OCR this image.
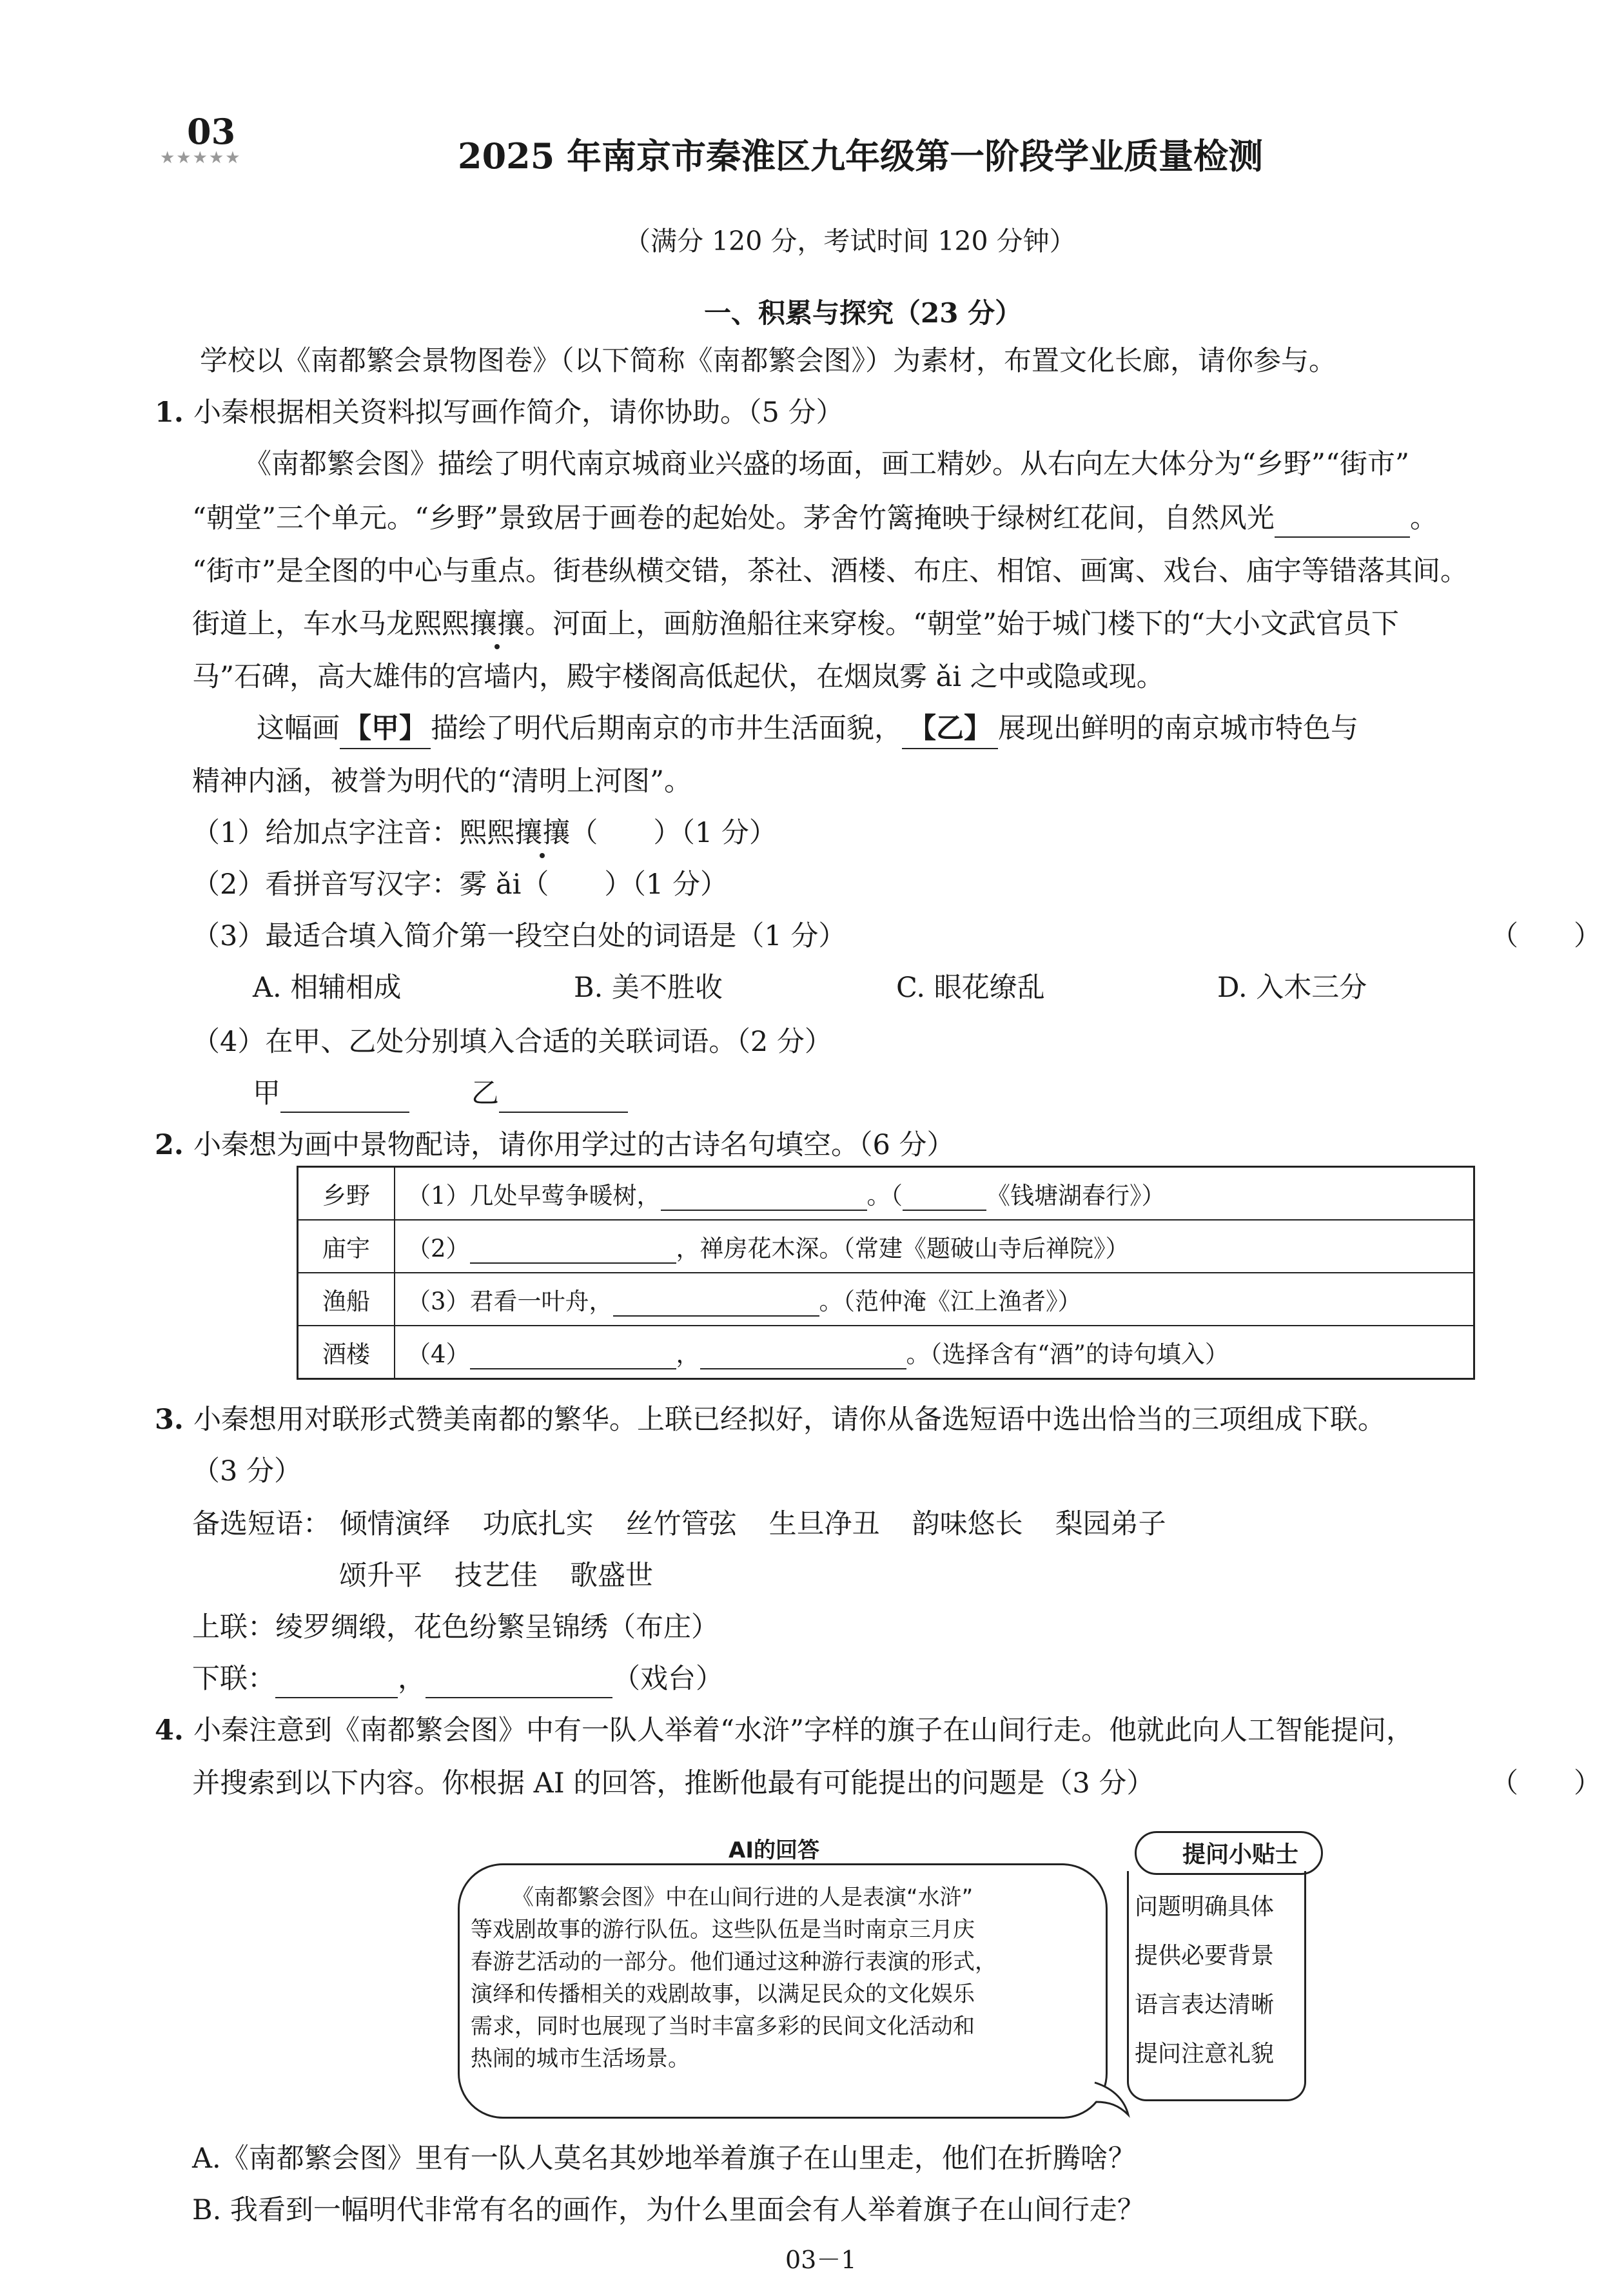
03
★★★★★	2025 年南京市秦淮区九年级第一阶段学业质量检测
（满分 120 分，考试时间 120 分钟）
一、积累与探究（23 分）
学校以《南都繁会景物图卷》（以下简称《南都繁会图》）为素材，布置文化长廊，请你参与。
1. 小秦根据相关资料拟写画作简介，请你协助。（5 分）
《南都繁会图》描绘了明代南京城商业兴盛的场面，画工精妙。从右向左大体分为“乡野”“街市”
“朝堂”三个单元。“乡野”景致居于画卷的起始处。茅舍竹篱掩映于绿树红花间，自然风光	。
“街市”是全图的中心与重点。街巷纵横交错，茶社、酒楼、布庄、相馆、画寓、戏台、庙宇等错落其间。
街道上，车水马龙熙熙攘攘。河面上，画舫渔船往来穿梭。“朝堂”始于城门楼下的“大小文武官员下
马”石碑，高大雄伟的宫墙内，殿宇楼阁高低起伏，在烟岚雾 ǎi 之中或隐或现。
这幅画 【甲】 描绘了明代后期南京的市井生活面貌， 【乙】 展现出鲜明的南京城市特色与
精神内涵，被誉为明代的“清明上河图”。
（1）给加点字注音：熙熙攘攘（　　）（1 分）
（2）看拼音写汉字：雾 ǎi（　　）（1 分）
（3）最适合填入简介第一段空白处的词语是（1 分）	（　　）
A. 相辅相成	B. 美不胜收	C. 眼花缭乱	D. 入木三分
（4）在甲、乙处分别填入合适的关联词语。（2 分）
甲	乙
2. 小秦想为画中景物配诗，请你用学过的古诗名句填空。（6 分）
乡野	（1）几处早莺争暖树， 。（ 《钱塘湖春行》）
庙宇	（2） ，禅房花木深。（常建《题破山寺后禅院》）
渔船	（3）君看一叶舟， 。（范仲淹《江上渔者》）
酒楼	（4） ， 。（选择含有“酒”的诗句填入）
3. 小秦想用对联形式赞美南都的繁华。上联已经拟好，请你从备选短语中选出恰当的三项组成下联。
（3 分）
备选短语： 倾情演绎 功底扎实 丝竹管弦 生旦净丑 韵味悠长 梨园弟子
颂升平 技艺佳 歌盛世
上联：绫罗绸缎，花色纷繁呈锦绣（布庄）
下联：	，	（戏台）
4. 小秦注意到《南都繁会图》中有一队人举着“水浒”字样的旗子在山间行走。他就此向人工智能提问，
并搜索到以下内容。你根据 AI 的回答，推断他最有可能提出的问题是（3 分）	（　　）
AI的回答
《南都繁会图》中在山间行进的人是表演“水浒”
等戏剧故事的游行队伍。这些队伍是当时南京三月庆
春游艺活动的一部分。他们通过这种游行表演的形式，
演绎和传播相关的戏剧故事，以满足民众的文化娱乐
需求，同时也展现了当时丰富多彩的民间文化活动和
热闹的城市生活场景。
提问小贴士
问题明确具体
提供必要背景
语言表达清晰
提问注意礼貌
A.《南都繁会图》里有一队人莫名其妙地举着旗子在山里走，他们在折腾啥？
B. 我看到一幅明代非常有名的画作，为什么里面会有人举着旗子在山间行走？
03－1
